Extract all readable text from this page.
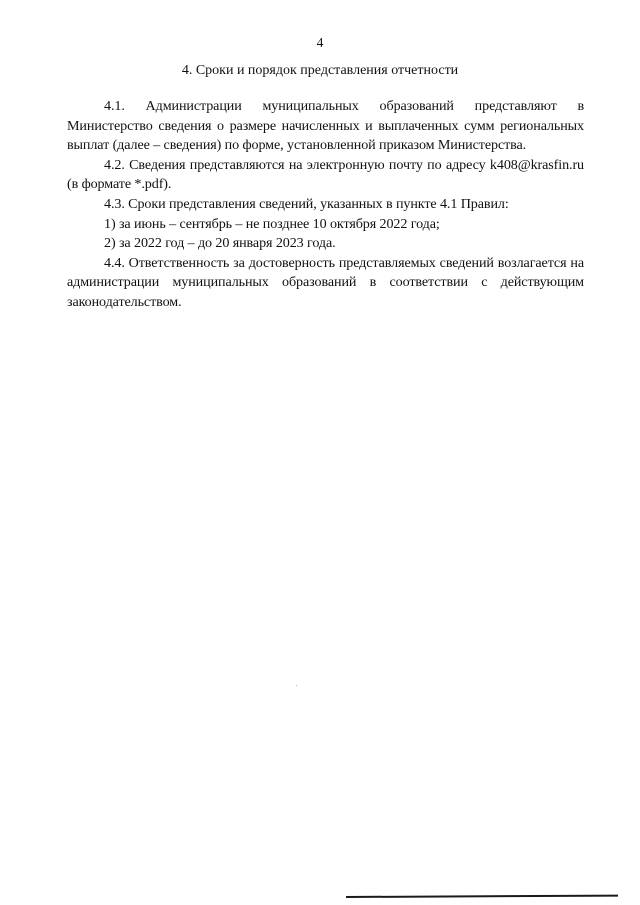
4
4. Сроки и порядок представления отчетности

4.1. Администрации муниципальных образований представляют в Министерство сведения о размере начисленных и выплаченных сумм региональных выплат (далее – сведения) по форме, установленной приказом Министерства.

4.2. Сведения представляются на электронную почту по адресу k408@krasfin.ru (в формате *.pdf).

4.3. Сроки представления сведений, указанных в пункте 4.1 Правил:

1) за июнь – сентябрь – не позднее 10 октября 2022 года;

2) за 2022 год – до 20 января 2023 года.

4.4. Ответственность за достоверность представляемых сведений возлагается на администрации муниципальных образований в соответствии с действующим законодательством.
